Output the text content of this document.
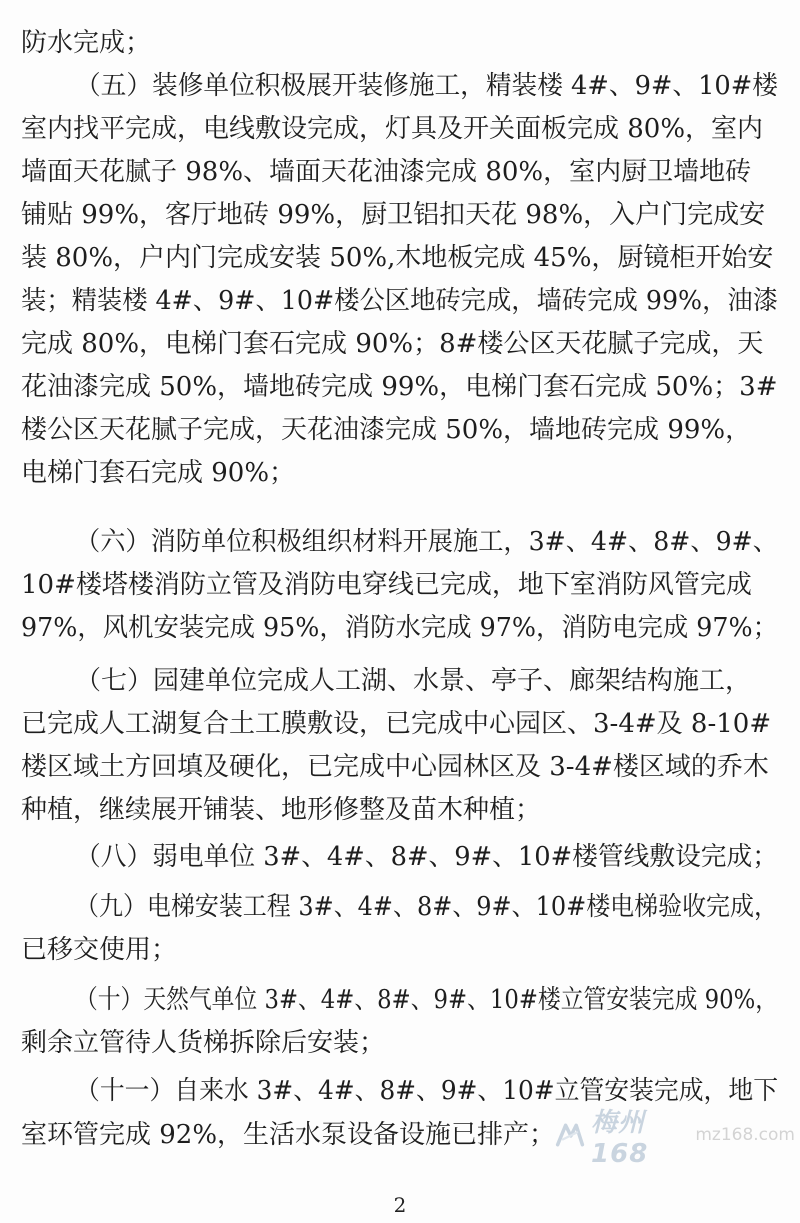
防水完成；
（五）装修单位积极展开装修施工，精装楼 4#、9#、10#楼
室内找平完成，电线敷设完成，灯具及开关面板完成 80%，室内
墙面天花腻子 98%、墙面天花油漆完成 80%，室内厨卫墙地砖
铺贴 99%，客厅地砖 99%，厨卫铝扣天花 98%，入户门完成安
装 80%，户内门完成安装 50%,木地板完成 45%，厨镜柜开始安
装；精装楼 4#、9#、10#楼公区地砖完成，墙砖完成 99%，油漆
完成 80%，电梯门套石完成 90%；8#楼公区天花腻子完成，天
花油漆完成 50%，墙地砖完成 99%，电梯门套石完成 50%；3#
楼公区天花腻子完成，天花油漆完成 50%，墙地砖完成 99%，
电梯门套石完成 90%；
（六）消防单位积极组织材料开展施工，3#、4#、8#、9#、
10#楼塔楼消防立管及消防电穿线已完成，地下室消防风管完成
97%，风机安装完成 95%，消防水完成 97%，消防电完成 97%；
（七）园建单位完成人工湖、水景、亭子、廊架结构施工，
已完成人工湖复合土工膜敷设，已完成中心园区、3-4#及 8-10#
楼区域土方回填及硬化，已完成中心园林区及 3-4#楼区域的乔木
种植，继续展开铺装、地形修整及苗木种植；
（八）弱电单位 3#、4#、8#、9#、10#楼管线敷设完成；
（九）电梯安装工程 3#、4#、8#、9#、10#楼电梯验收完成，
已移交使用；
（十）天然气单位 3#、4#、8#、9#、10#楼立管安装完成 90%，
剩余立管待人货梯拆除后安装；
（十一）自来水 3#、4#、8#、9#、10#立管安装完成，地下
室环管完成 92%，生活水泵设备设施已排产；	梅州168
mz168.com
2
